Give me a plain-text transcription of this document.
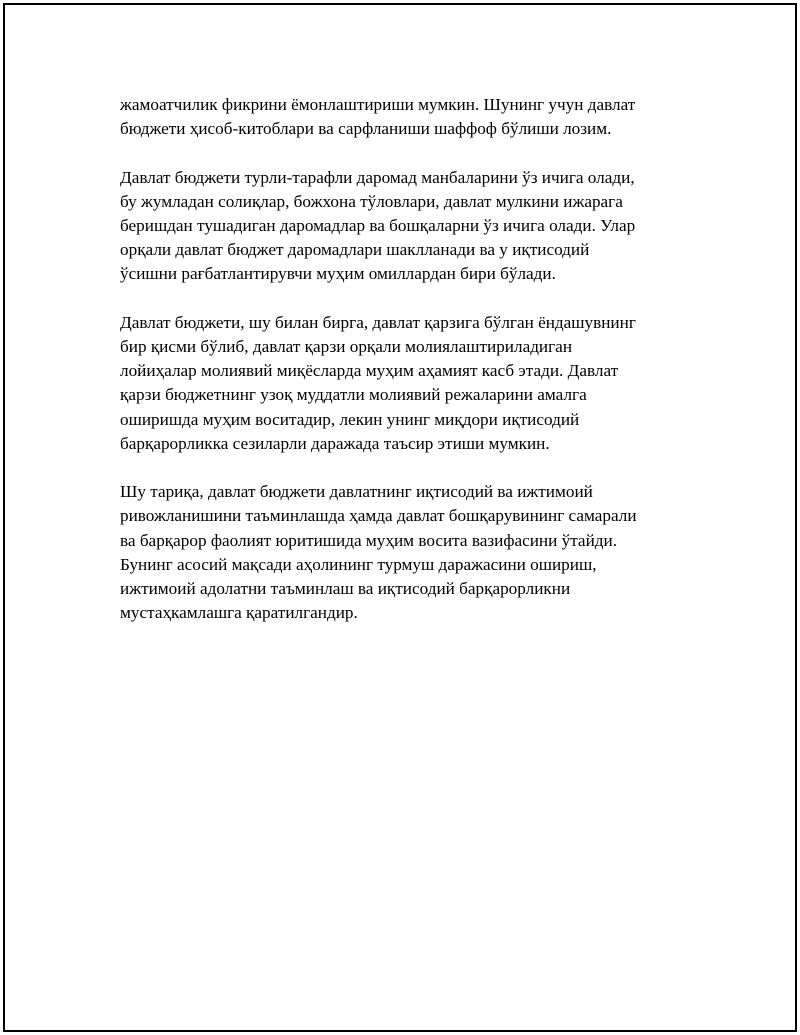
жамоатчилик фикрини ёмонлаштириши мумкин. Шунинг учун давлат
бюджети ҳисоб-китоблари ва сарфланиши шаффоф бўлиши лозим.

Давлат бюджети турли-тарафли даромад манбаларини ўз ичига олади,
бу жумладан солиқлар, божхона тўловлари, давлат мулкини ижарага
беришдан тушадиган даромадлар ва бошқаларни ўз ичига олади. Улар
орқали давлат бюджет даромадлари шаклланади ва у иқтисодий
ўсишни рағбатлантирувчи муҳим омиллардан бири бўлади.

Давлат бюджети, шу билан бирга, давлат қарзига бўлган ёндашувнинг
бир қисми бўлиб, давлат қарзи орқали молиялаштириладиган
лойиҳалар молиявий миқёсларда муҳим аҳамият касб этади. Давлат
қарзи бюджетнинг узоқ муддатли молиявий режаларини амалга
оширишда муҳим воситадир, лекин унинг миқдори иқтисодий
барқарорликка сезиларли даражада таъсир этиши мумкин.

Шу тариқа, давлат бюджети давлатнинг иқтисодий ва ижтимоий
ривожланишини таъминлашда ҳамда давлат бошқарувининг самарали
ва барқарор фаолият юритишида муҳим восита вазифасини ўтайди.
Бунинг асосий мақсади аҳолининг турмуш даражасини ошириш,
ижтимоий адолатни таъминлаш ва иқтисодий барқарорликни
мустаҳкамлашга қаратилгандир.
